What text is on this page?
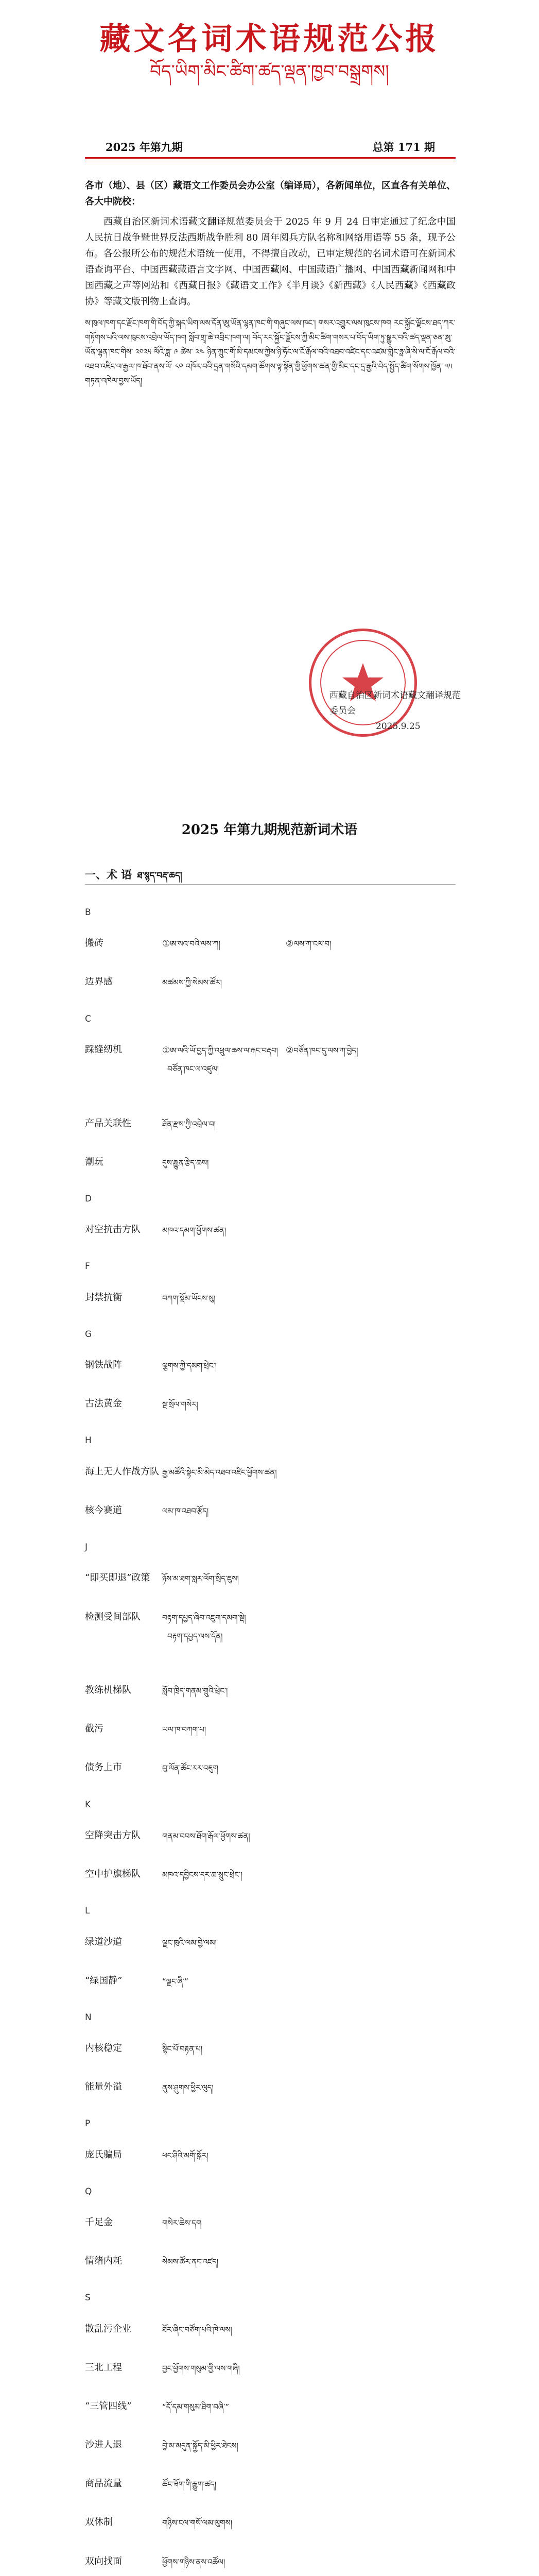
藏文名词术语规范公报
བོད་ཡིག་མིང་ཚིག་ཚད་ལྡན་ཁྱབ་བསྒྲགས།
2025 年第九期	总第 171 期
各市（地）、县（区）藏语文工作委员会办公室（编译局），各新闻单位，区直各有关单位、各大中院校：
西藏自治区新词术语藏文翻译规范委员会于 2025 年 9 月 24 日审定通过了纪念中国人民抗日战争暨世界反法西斯战争胜利 80 周年阅兵方队名称和网络用语等 55 条，现予公布。各公报所公布的规范术语统一使用，不得擅自改动，已审定规范的名词术语可在新词术语查询平台、中国西藏藏语言文字网、中国西藏网、中国藏语广播网、中国西藏新闻网和中国西藏之声等网站和《西藏日报》《藏语文工作》《半月谈》《新西藏》《人民西藏》《西藏政协》等藏文版刊物上查询。
ས་ཁུལ་ཁག་དང་རྫོང་ཁག་གི་བོད་ཀྱི་སྐད་ཡིག་ལས་དོན་ཨུ་ཡོན་ལྷན་ཁང་གི་གཞུང་ལས་ཁང་། གསར་འགྱུར་ལས་ཁུངས་ཁག རང་སྐྱོང་ལྗོངས་ཐད་ཀར་གཏོགས་པའི་ལས་ཁུངས་འབྲེལ་ཡོད་ཁག སློབ་གྲྭ་ཆེ་འབྲིང་ཁག་ལ། བོད་རང་སྐྱོང་ལྗོངས་ཀྱི་མིང་ཚིག་གསར་པ་བོད་ཡིག་ཏུ་སྒྱུར་བའི་ཚད་ལྡན་ཅན་ཨུ་ཡོན་ལྷན་ཁང་གིས་ ༢༠༢༥ ལོའི་ཟླ་ ༩ ཚེས་ ༢༤ ཉིན་ཀྲུང་གོ་མི་དམངས་ཀྱིས་ཉི་ཧོང་ལ་ངོ་རྒོལ་བའི་འཐབ་འཛིང་དང་འཛམ་གླིང་ཧྥ་ཞི་སི་ལ་ངོ་རྒོལ་བའི་འཐབ་འཛིང་ལ་རྒྱལ་ཁ་ཐོབ་ནས་ལོ་ ༨༠ འཁོར་བའི་དྲན་གསོའི་དམག་ཚོགས་ལྟ་སྟོན་གྱི་ཕྱོགས་ཚན་གྱི་མིང་དང་དྲ་རྒྱའི་བེད་སྤྱོད་ཚིག་སོགས་ཁྱོན་ ༥༥ གཏན་འཁེལ་བྱས་ཡོད།
西藏自治区新词术语藏文翻译规范委员会
2025.9.25
2025 年第九期规范新词术语
一、术 语 ཐ་སྙད་བརྡ་ཆད།
B
搬砖	①ཨ་སའ་བའི་ལས་ཀ།	②ལས་ཀ་ངལ་བ།
边界感	མཚམས་ཀྱི་སེམས་ཚོར།
C
踩缝纫机	①ཨ་ལའི་ཡོ་བྱད་ཀྱི་འཕྲུལ་ཆས་ལ་རྐང་བརྡབ། ②བཙོན་ཁང་དུ་ལས་ཀ་བྱེད།
བཙོན་ཁང་ལ་འཛུལ།
产品关联性	ཐོན་རྫས་ཀྱི་འབྲེལ་བ།
潮玩	དུས་རྒྱུན་རྩེད་ཆས།
D
对空抗击方队	མཁའ་དམག་ཕྱོགས་ཚན།
F
封禁抗衡	བཀག་སྡོམ་ཡོངས་སུ།
G
钢铁战阵	ལྕགས་ཀྱི་དམག་ཕྲེང་།
古法黄金	སྔ་སྲོལ་གསེར།
H
海上无人作战方队 རྒྱ་མཚོའི་སྟེང་མི་མེད་འཐབ་འཛིང་ཕྱོགས་ཚན།
核今赛道	ལམ་ཁ་འཐབ་རྩོད།
J
“即买即退”政策 ཉོས་མ་ཐག་སླར་ལོག་སྲིད་ཇུས།
检测受间部队	བརྟག་དཔྱད་ཞིབ་འཇུག་དམག་སྡེ།
བརྟག་དཔྱད་ལས་དོན།
教练机梯队	སློབ་ཁྲིད་གནམ་གྲུའི་ཕྲེང་།
截污	ཡལ་ཁ་བཀག་པ།
债务上市	བུ་ལོན་ཚོང་རར་འཇུག
K
空降突击方队	གནམ་བབས་ཐོག་རྒོལ་ཕྱོགས་ཚན།
空中护旗梯队	མཁའ་དབྱིངས་དར་ཆ་སྲུང་ཕྲེང་།
L
绿道沙道	ལྗང་ཁུའི་ལམ་བྱེ་ལམ།
“绿国静”	“ལྗང་ཞི་”
N
内核稳定	སྙིང་པོ་བརྟན་པ།
能量外溢	ནུས་ཤུགས་ཕྱིར་ལུད།
P
庞氏骗局	ཕང་ཤིའི་མགོ་སྐོར།
Q
千足金	གསེར་ཆེས་དག
情绪内耗	སེམས་ཚོར་ནང་འཛད།
S
散乱污企业	ཐོར་ཞིང་བཙོག་པའི་ཁེ་ལས།
三北工程	བྱང་ཕྱོགས་གསུམ་གྱི་ལས་གཞི།
“三管四线”	“དོ་དམ་གསུམ་ཐིག་བཞི་”
沙进人退	བྱེ་མ་མདུན་སྐྱོད་མི་ཕྱིར་ཐེངས།
商品流量	ཚོང་ཟོག་གི་རྒྱུག་ཚད།
双休制	གཉིས་ངལ་གསོ་ལམ་ལུགས།
双向找面	ཕྱོགས་གཉིས་ནས་འཚོལ།
